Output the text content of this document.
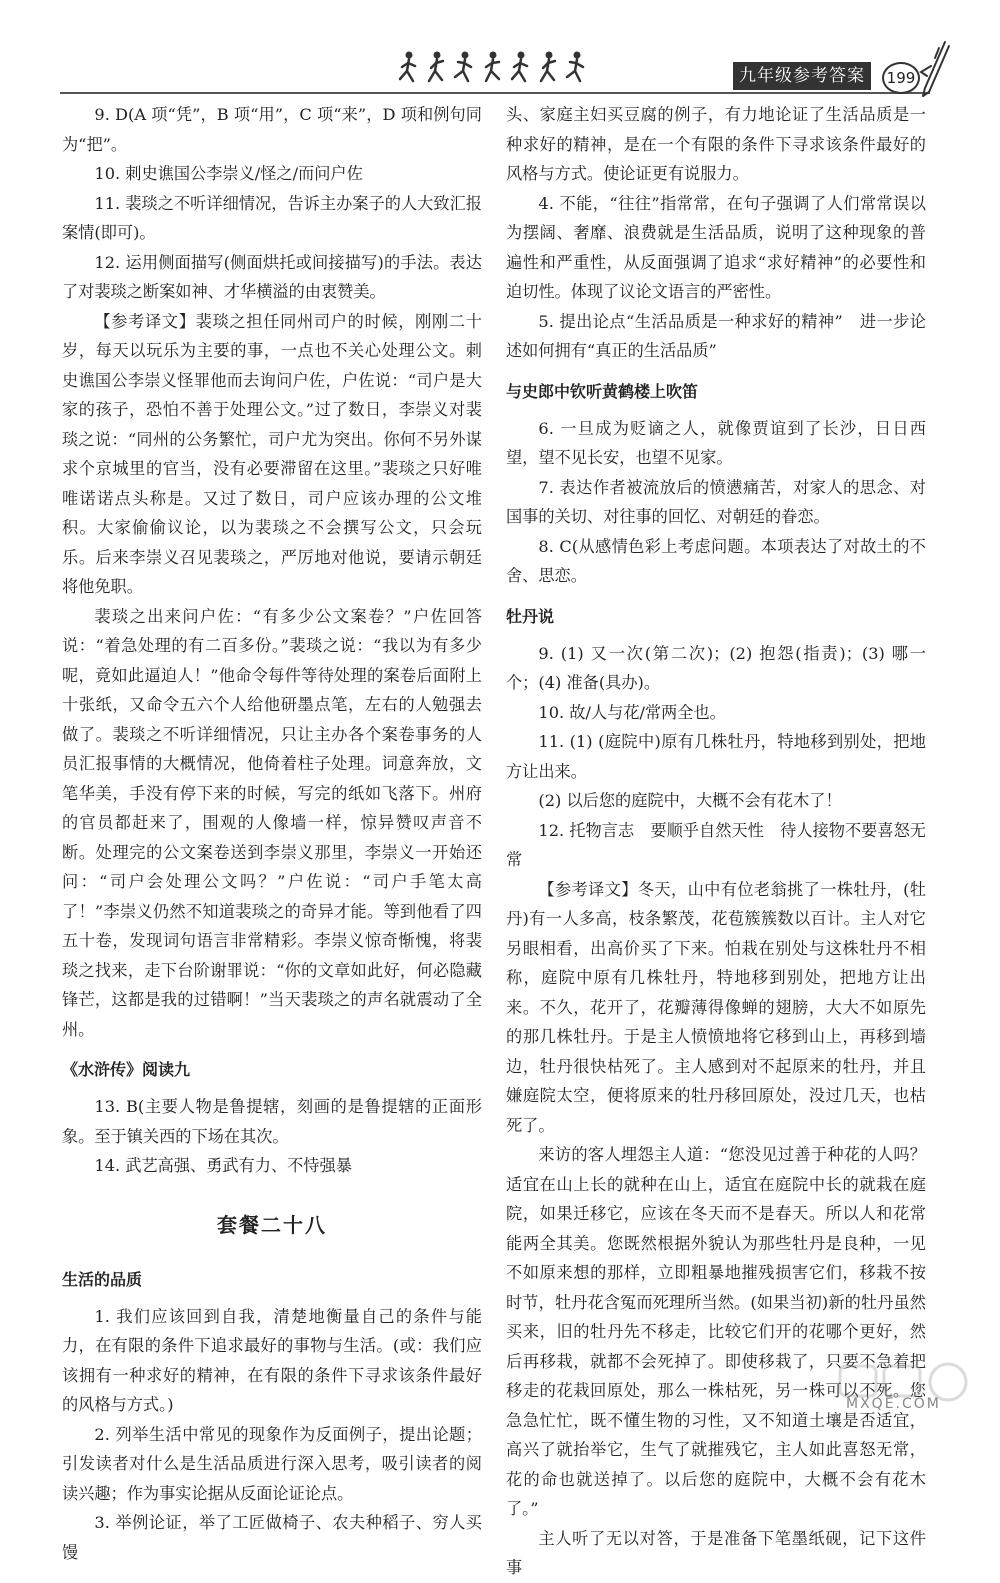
九年级参考答案	199

9. D(A 项“凭”，B 项“用”，C 项“来”，D 项和例句同为“把”。

10. 刺史谯国公李崇义/怪之/而问户佐

11. 裴琰之不听详细情况，告诉主办案子的人大致汇报案情(即可)。

12. 运用侧面描写(侧面烘托或间接描写)的手法。表达了对裴琰之断案如神、才华横溢的由衷赞美。

【参考译文】裴琰之担任同州司户的时候，刚刚二十岁，每天以玩乐为主要的事，一点也不关心处理公文。刺史谯国公李崇义怪罪他而去询问户佐，户佐说：“司户是大家的孩子，恐怕不善于处理公文。”过了数日，李崇义对裴琰之说：“同州的公务繁忙，司户尤为突出。你何不另外谋求个京城里的官当，没有必要滞留在这里。”裴琰之只好唯唯诺诺点头称是。又过了数日，司户应该办理的公文堆积。大家偷偷议论，以为裴琰之不会撰写公文，只会玩乐。后来李崇义召见裴琰之，严厉地对他说，要请示朝廷将他免职。

裴琰之出来问户佐：“有多少公文案卷？”户佐回答说：“着急处理的有二百多份。”裴琰之说：“我以为有多少呢，竟如此逼迫人！”他命令每件等待处理的案卷后面附上十张纸，又命令五六个人给他研墨点笔，左右的人勉强去做了。裴琰之不听详细情况，只让主办各个案卷事务的人员汇报事情的大概情况，他倚着柱子处理。词意奔放，文笔华美，手没有停下来的时候，写完的纸如飞落下。州府的官员都赶来了，围观的人像墙一样，惊异赞叹声音不断。处理完的公文案卷送到李崇义那里，李崇义一开始还问：“司户会处理公文吗？”户佐说：“司户手笔太高了！”李崇义仍然不知道裴琰之的奇异才能。等到他看了四五十卷，发现词句语言非常精彩。李崇义惊奇惭愧，将裴琰之找来，走下台阶谢罪说：“你的文章如此好，何必隐藏锋芒，这都是我的过错啊！”当天裴琰之的声名就震动了全州。

《水浒传》阅读九

13. B(主要人物是鲁提辖，刻画的是鲁提辖的正面形象。至于镇关西的下场在其次。

14. 武艺高强、勇武有力、不恃强暴

套餐二十八
生活的品质

1. 我们应该回到自我，清楚地衡量自己的条件与能力，在有限的条件下追求最好的事物与生活。(或：我们应该拥有一种求好的精神，在有限的条件下寻求该条件最好的风格与方式。)

2. 列举生活中常见的现象作为反面例子，提出论题；引发读者对什么是生活品质进行深入思考，吸引读者的阅读兴趣；作为事实论据从反面论证论点。

3. 举例论证，举了工匠做椅子、农夫种稻子、穷人买馒

头、家庭主妇买豆腐的例子，有力地论证了生活品质是一种求好的精神，是在一个有限的条件下寻求该条件最好的风格与方式。使论证更有说服力。

4. 不能，“往往”指常常，在句子强调了人们常常误以为摆阔、奢靡、浪费就是生活品质，说明了这种现象的普遍性和严重性，从反面强调了追求“求好精神”的必要性和迫切性。体现了议论文语言的严密性。

5. 提出论点“生活品质是一种求好的精神”　进一步论述如何拥有“真正的生活品质”

与史郎中钦听黄鹤楼上吹笛

6. 一旦成为贬谪之人，就像贾谊到了长沙，日日西望，望不见长安，也望不见家。

7. 表达作者被流放后的愤懑痛苦，对家人的思念、对国事的关切、对往事的回忆、对朝廷的眷恋。

8. C(从感情色彩上考虑问题。本项表达了对故土的不舍、思恋。

牡丹说

9. (1) 又一次(第二次)；(2) 抱怨(指责)；(3) 哪一个；(4) 准备(具办)。

10. 故/人与花/常两全也。

11. (1) (庭院中)原有几株牡丹，特地移到别处，把地方让出来。

(2) 以后您的庭院中，大概不会有花木了！

12. 托物言志　要顺乎自然天性　待人接物不要喜怒无常

【参考译文】冬天，山中有位老翁挑了一株牡丹，(牡丹)有一人多高，枝条繁茂，花苞簇簇数以百计。主人对它另眼相看，出高价买了下来。怕栽在别处与这株牡丹不相称，庭院中原有几株牡丹，特地移到别处，把地方让出来。不久，花开了，花瓣薄得像蝉的翅膀，大大不如原先的那几株牡丹。于是主人愤愤地将它移到山上，再移到墙边，牡丹很快枯死了。主人感到对不起原来的牡丹，并且嫌庭院太空，便将原来的牡丹移回原处，没过几天，也枯死了。

来访的客人埋怨主人道：“您没见过善于种花的人吗？适宜在山上长的就种在山上，适宜在庭院中长的就栽在庭院，如果迁移它，应该在冬天而不是春天。所以人和花常能两全其美。您既然根据外貌认为那些牡丹是良种，一见不如原来想的那样，立即粗暴地摧残损害它们，移栽不按时节，牡丹花含冤而死理所当然。(如果当初)新的牡丹虽然买来，旧的牡丹先不移走，比较它们开的花哪个更好，然后再移栽，就都不会死掉了。即使移栽了，只要不急着把移走的花栽回原处，那么一株枯死，另一株可以不死。您急急忙忙，既不懂生物的习性，又不知道土壤是否适宜，高兴了就抬举它，生气了就摧残它，主人如此喜怒无常，花的命也就送掉了。以后您的庭院中，大概不会有花木了。”

主人听了无以对答，于是准备下笔墨纸砚，记下这件事

MXQE.COM
